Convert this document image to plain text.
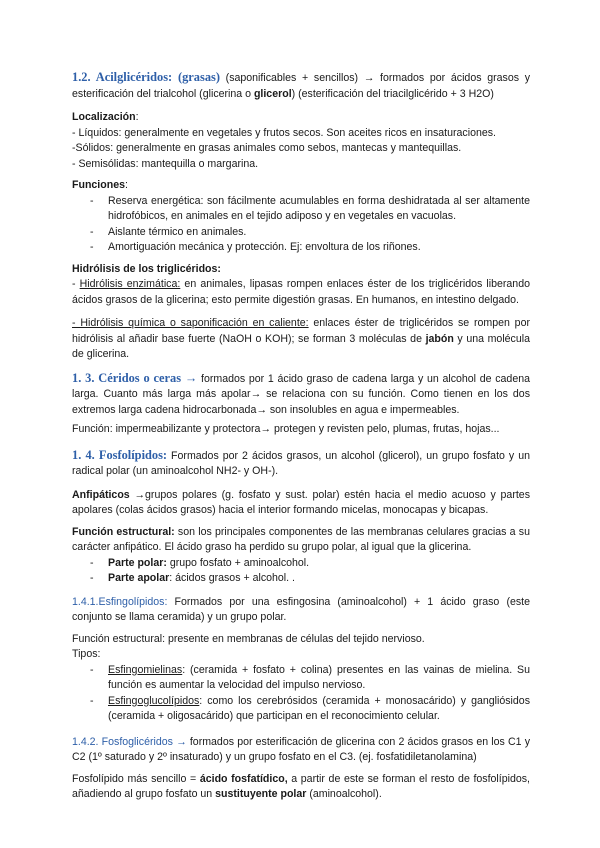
1.2. Acilglicéridos: (grasas) (saponificables + sencillos) → formados por ácidos grasos y esterificación del trialcohol (glicerina o glicerol) (esterificación del triacilglicérido + 3 H2O)

Localización:

- Líquidos: generalmente en vegetales y frutos secos. Son aceites ricos en insaturaciones.

-Sólidos: generalmente en grasas animales como sebos, mantecas y mantequillas.

- Semisólidas: mantequilla o margarina.

Funciones:

- Reserva energética: son fácilmente acumulables en forma deshidratada al ser altamente hidrofóbicos, en animales en el tejido adiposo y en vegetales en vacuolas.
- Aislante térmico en animales.
- Amortiguación mecánica y protección. Ej: envoltura de los riñones.

Hidrólisis de los triglicéridos:

- Hidrólisis enzimática: en animales, lipasas rompen enlaces éster de los triglicéridos liberando ácidos grasos de la glicerina; esto permite digestión grasas. En humanos, en intestino delgado.

- Hidrólisis química o saponificación en caliente: enlaces éster de triglicéridos se rompen por hidrólisis al añadir base fuerte (NaOH o KOH); se forman 3 moléculas de jabón y una molécula de glicerina.

1. 3. Céridos o ceras → formados por 1 ácido graso de cadena larga y un alcohol de cadena larga. Cuanto más larga más apolar→ se relaciona con su función. Como tienen en los dos extremos larga cadena hidrocarbonada→ son insolubles en agua e impermeables.

Función: impermeabilizante y protectora→ protegen y revisten pelo, plumas, frutas, hojas...

1. 4. Fosfolípidos: Formados por 2 ácidos grasos, un alcohol (glicerol), un grupo fosfato y un radical polar (un aminoalcohol NH2- y OH-).

Anfipáticos →grupos polares (g. fosfato y sust. polar) estén hacia el medio acuoso y partes apolares (colas ácidos grasos) hacia el interior formando micelas, monocapas y bicapas.

Función estructural: son los principales componentes de las membranas celulares gracias a su carácter anfipático. El ácido graso ha perdido su grupo polar, al igual que la glicerina.

- Parte polar: grupo fosfato + aminoalcohol.
- Parte apolar: ácidos grasos + alcohol. .

1.4.1.Esfingolípidos: Formados por una esfingosina (aminoalcohol) + 1 ácido graso (este conjunto se llama ceramida) y un grupo polar.

Función estructural: presente en membranas de células del tejido nervioso.

Tipos:

- Esfingomielinas: (ceramida + fosfato + colina) presentes en las vainas de mielina. Su función es aumentar la velocidad del impulso nervioso.
- Esfingoglucolípidos: como los cerebrósidos (ceramida + monosacárido) y gangliósidos (ceramida + oligosacárido) que participan en el reconocimiento celular.

1.4.2. Fosfoglicéridos → formados por esterificación de glicerina con 2 ácidos grasos en los C1 y C2 (1º saturado y 2º insaturado) y un grupo fosfato en el C3. (ej. fosfatidiletanolamina)

Fosfolípido más sencillo = ácido fosfatídico, a partir de este se forman el resto de fosfolípidos, añadiendo al grupo fosfato un sustituyente polar (aminoalcohol).
